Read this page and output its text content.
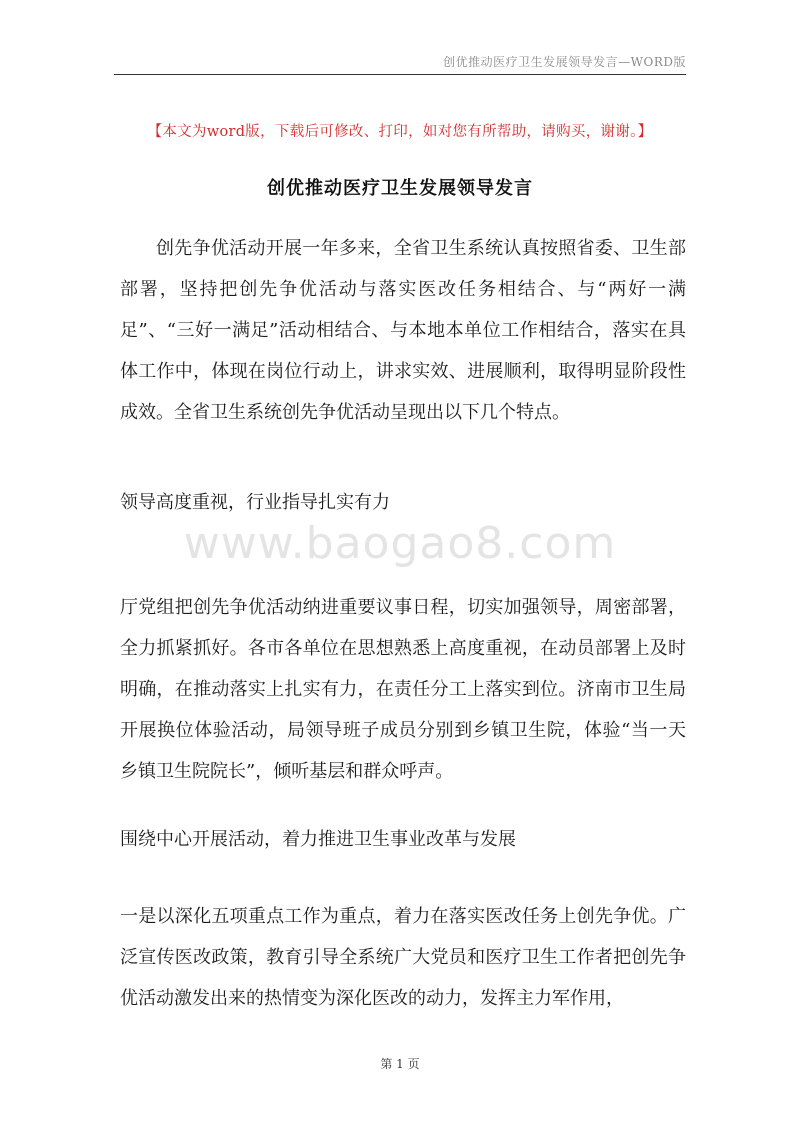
创优推动医疗卫生发展领导发言—WORD版
【本文为word版，下载后可修改、打印，如对您有所帮助，请购买，谢谢。】
创优推动医疗卫生发展领导发言

创先争优活动开展一年多来，全省卫生系统认真按照省委、卫生部部署，坚持把创先争优活动与落实医改任务相结合、与“两好一满足”、“三好一满足”活动相结合、与本地本单位工作相结合，落实在具体工作中，体现在岗位行动上，讲求实效、进展顺利，取得明显阶段性成效。全省卫生系统创先争优活动呈现出以下几个特点。

领导高度重视，行业指导扎实有力

www.baogao8.com

厅党组把创先争优活动纳进重要议事日程，切实加强领导，周密部署，全力抓紧抓好。各市各单位在思想熟悉上高度重视，在动员部署上及时明确，在推动落实上扎实有力，在责任分工上落实到位。济南市卫生局开展换位体验活动，局领导班子成员分别到乡镇卫生院，体验“当一天乡镇卫生院院长”，倾听基层和群众呼声。

围绕中心开展活动，着力推进卫生事业改革与发展

一是以深化五项重点工作为重点，着力在落实医改任务上创先争优。广泛宣传医改政策，教育引导全系统广大党员和医疗卫生工作者把创先争优活动激发出来的热情变为深化医改的动力，发挥主力军作用，

第 1 页
